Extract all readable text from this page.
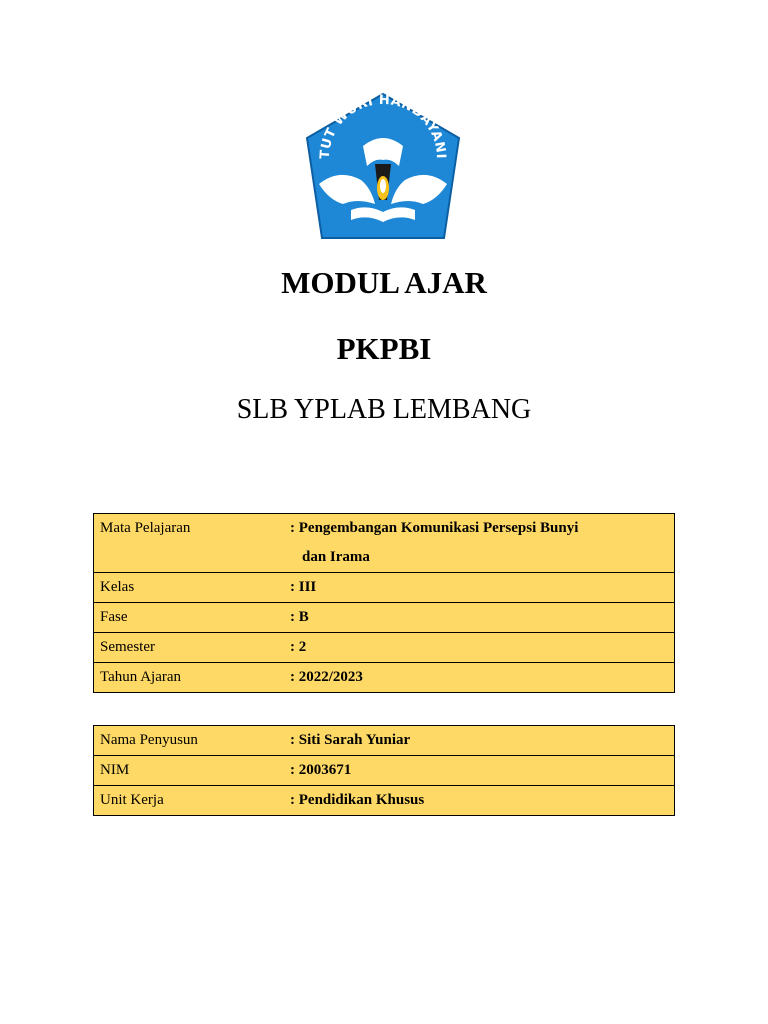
TUT WURI HANDAYANI
MODUL AJAR
PKPBI
SLB YPLAB LEMBANG
Mata Pelajaran	: Pengembangan Komunikasi Persepsi Bunyi
dan Irama
Kelas	: III
Fase	: B
Semester	: 2
Tahun Ajaran	: 2022/2023
Nama Penyusun	: Siti Sarah Yuniar
NIM	: 2003671
Unit Kerja	: Pendidikan Khusus
